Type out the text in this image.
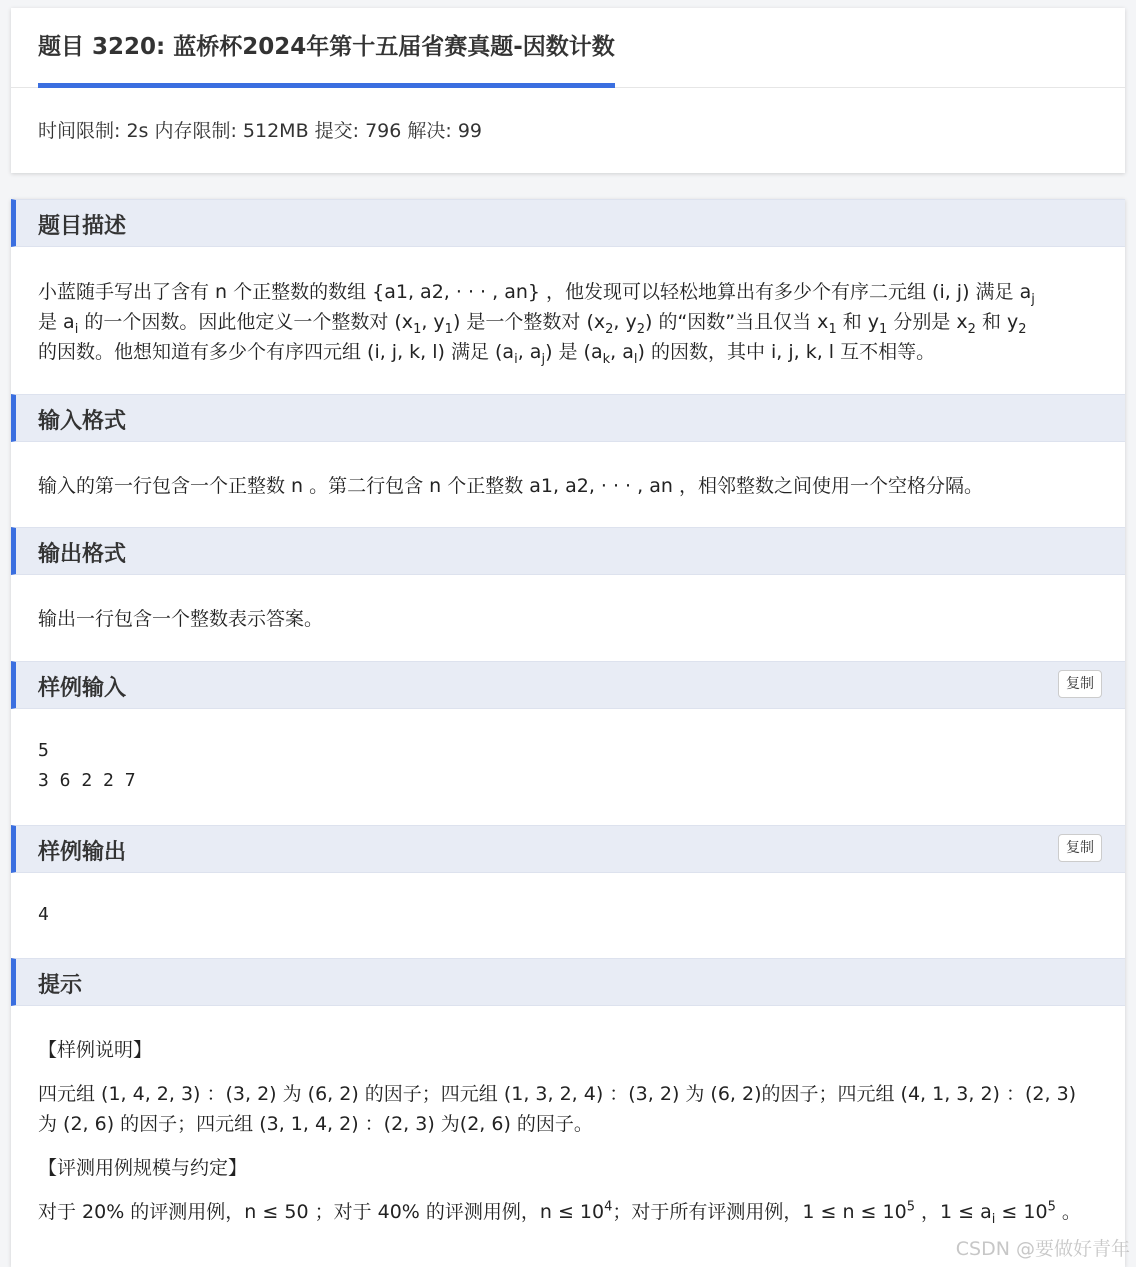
题目 3220: 蓝桥杯2024年第十五届省赛真题-因数计数
时间限制: 2s 内存限制: 512MB 提交: 796 解决: 99
题目描述
小蓝随手写出了含有 n 个正整数的数组 {a1, a2, · · · , an} ，他发现可以轻松地算出有多少个有序二元组 (i, j) 满足 $a_j$
是 $a_i$ 的一个因数。因此他定义一个整数对 ($x_1$, $y_1$) 是一个整数对 ($x_2$, $y_2$) 的“因数”当且仅当 $x_1$ 和 $y_1$ 分别是 $x_2$ 和 $y_2$
的因数。他想知道有多少个有序四元组 (i, j, k, l) 满足 ($a_i$, $a_j$) 是 ($a_k$, $a_l$) 的因数，其中 i, j, k, l 互不相等。
输入格式
输入的第一行包含一个正整数 n 。第二行包含 n 个正整数 a1, a2, · · · , an ，相邻整数之间使用一个空格分隔。
输出格式
输出一行包含一个整数表示答案。
样例输入	复制
5
3 6 2 2 7
样例输出	复制
4
提示
【样例说明】
四元组 (1, 4, 2, 3) ：(3, 2) 为 (6, 2) 的因子；四元组 (1, 3, 2, 4) ：(3, 2) 为 (6, 2)的因子；四元组 (4, 1, 3, 2) ：(2, 3) 为 (2, 6) 的因子；四元组 (3, 1, 4, 2) ：(2, 3) 为(2, 6) 的因子。
【评测用例规模与约定】
对于 20% 的评测用例，n ≤ 50 ；对于 40% 的评测用例，$n \le 10^4$；对于所有评测用例，$1 \le n \le 10^5$ ，$1 \le a_i \le 10^5$ 。
CSDN @要做好青年
